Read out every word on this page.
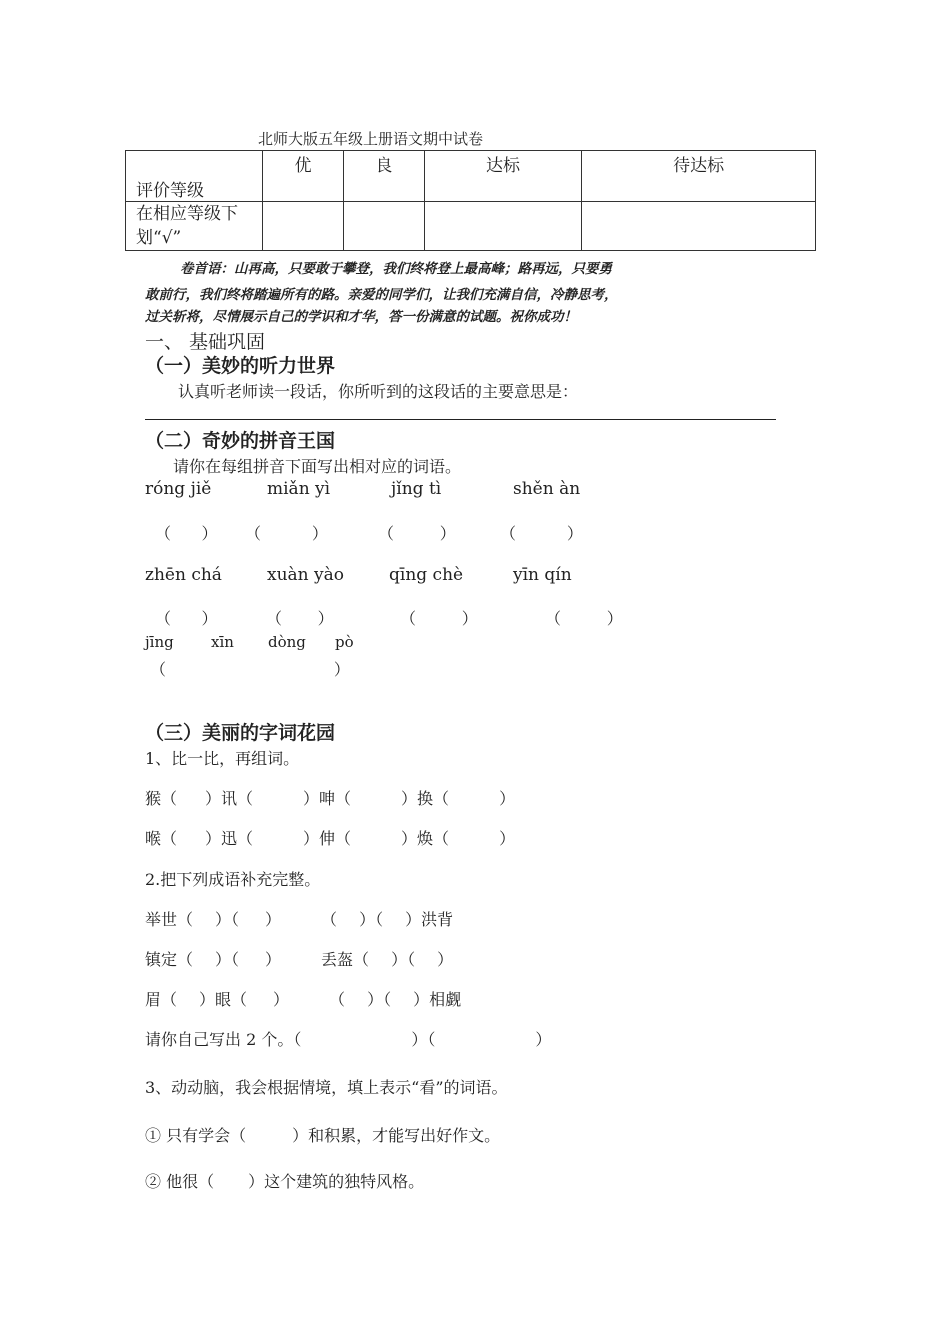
北师大版五年级上册语文期中试卷
评价等级	优	良	达标	待达标
在相应等级下划“√”				
卷首语：山再高，只要敢于攀登，我们终将登上最高峰；路再远，只要勇
敢前行，我们终将踏遍所有的路。亲爱的同学们，让我们充满自信，冷静思考，
过关斩将，尽情展示自己的学识和才华，答一份满意的试题。祝你成功！
一、 基础巩固
（一）美妙的听力世界
认真听老师读一段话，你所听到的这段话的主要意思是：
（二）奇妙的拼音王国
请你在每组拼音下面写出相对应的词语。
róng jiě	miǎn yì	jǐng tì	shěn àn
（      ） （          ）	（         ）	（          ）
zhēn chá	xuàn yào	qīng chè	yīn qín
（      ）	（       ）	（         ）	（         ）
jīng xīn dòng pò
（                                 ）
（三）美丽的字词花园
1、比一比，再组词。
猴（ ）讯（	）呻（	）换（	）
喉（ ）迅（	）伸（	）焕（	）
2.把下列成语补充完整。
举世（ ）（ ）	（ ）（ ）洪背
镇定（ ）（ ）	丢盔（ ）（ ）
眉（ ）眼（ ）	（ ）（ ）相觑
请你自己写出 2 个。（	）（	）
3、动动脑，我会根据情境，填上表示“看”的词语。
① 只有学会（	）和积累，才能写出好作文。
② 他很（ ）这个建筑的独特风格。
